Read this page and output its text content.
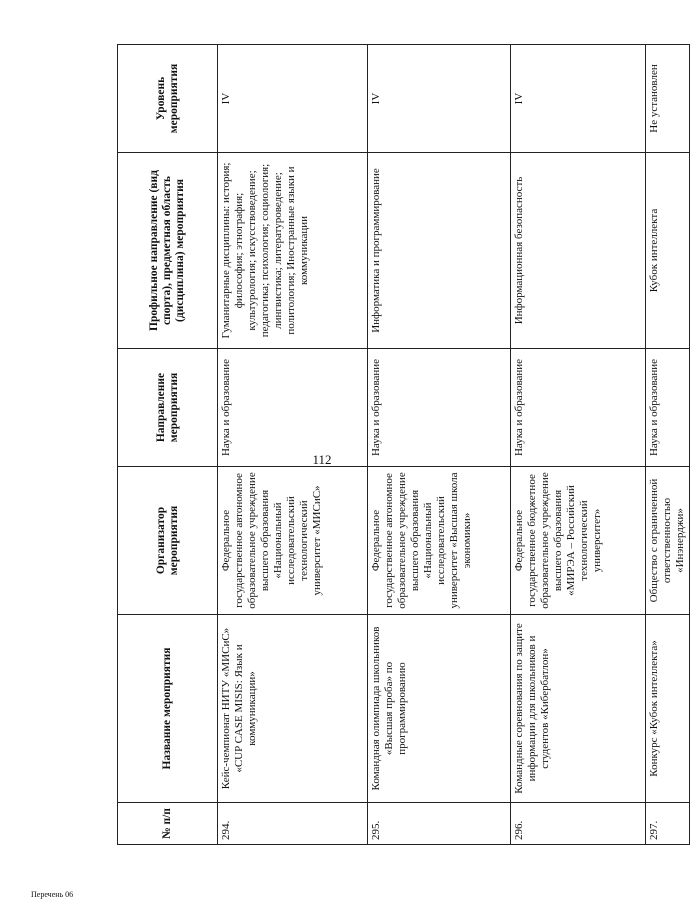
112
№ п/п	Название мероприятия	Организатор мероприятия	Направление мероприятия	Профильное направление (вид спорта), предметная область (дисциплина) мероприятия	Уровень мероприятия
294.	Кейс-чемпионат НИТУ «МИСиС» «CUP CASE MISIS: Язык и коммуникации»	Федеральное государственное автономное образовательное учреждение высшего образования «Национальный исследовательский технологический университет «МИСиС»	Наука и образование	Гуманитарные дисциплины: история; философия; этнография; культурология; искусствоведение; педагогика; психология; социология; лингвистика; литературоведение; политология; Иностранные языки и коммуникации	IV
295.	Командная олимпиада школьников «Высшая проба» по программированию	Федеральное государственное автономное образовательное учреждение высшего образования «Национальный исследовательский университет «Высшая школа экономики»	Наука и образование	Информатика и программирование	IV
296.	Командные соревнования по защите информации для школьников и студентов «Кибербатлон»	Федеральное государственное бюджетное образовательное учреждение высшего образования «МИРЭА – Российский технологический университет»	Наука и образование	Информационная безопасность	IV
297.	Конкурс «Кубок интеллекта»	Общество с ограниченной ответственностью «Инэнерджи»	Наука и образование	Кубок интеллекта	Не установлен
Перечень 06
